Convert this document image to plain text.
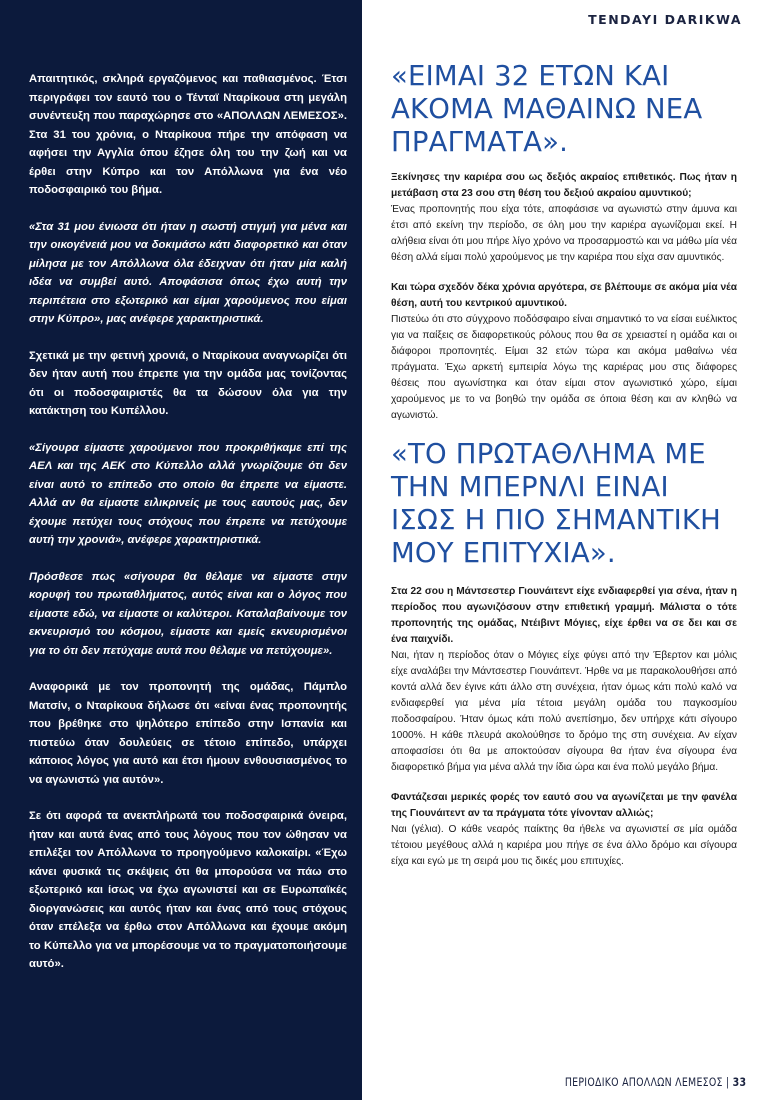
Απαιτητικός, σκληρά εργαζόμενος και παθιασμένος. Έτσι περιγράφει τον εαυτό του ο Τένταϊ Νταρίκουα στη μεγάλη συνέντευξη που παραχώρησε στο «ΑΠΟΛΛΩΝ ΛΕΜΕΣΟΣ». Στα 31 του χρόνια, ο Νταρίκουα πήρε την απόφαση να αφήσει την Αγγλία όπου έζησε όλη του την ζωή και να έρθει στην Κύπρο και τον Απόλλωνα για ένα νέο ποδοσφαιρικό του βήμα.

«Στα 31 μου ένιωσα ότι ήταν η σωστή στιγμή για μένα και την οικογένειά μου να δοκιμάσω κάτι διαφορετικό και όταν μίλησα με τον Απόλλωνα όλα έδειχναν ότι ήταν μία καλή ιδέα να συμβεί αυτό. Αποφάσισα όπως έχω αυτή την περιπέτεια στο εξωτερικό και είμαι χαρούμενος που είμαι στην Κύπρο», μας ανέφερε χαρακτηριστικά.

Σχετικά με την φετινή χρονιά, ο Νταρίκουα αναγνωρίζει ότι δεν ήταν αυτή που έπρεπε για την ομάδα μας τονίζοντας ότι οι ποδοσφαιριστές θα τα δώσουν όλα για την κατάκτηση του Κυπέλλου.

«Σίγουρα είμαστε χαρούμενοι που προκριθήκαμε επί της ΑΕΛ και της ΑΕΚ στο Κύπελλο αλλά γνωρίζουμε ότι δεν είναι αυτό το επίπεδο στο οποίο θα έπρεπε να είμαστε. Αλλά αν θα είμαστε ειλικρινείς με τους εαυτούς μας, δεν έχουμε πετύχει τους στόχους που έπρεπε να πετύχουμε αυτή την χρονιά», ανέφερε χαρακτηριστικά.

Πρόσθεσε πως «σίγουρα θα θέλαμε να είμαστε στην κορυφή του πρωταθλήματος, αυτός είναι και ο λόγος που είμαστε εδώ, να είμαστε οι καλύτεροι. Καταλαβαίνουμε τον εκνευρισμό του κόσμου, είμαστε και εμείς εκνευρισμένοι για το ότι δεν πετύχαμε αυτά που θέλαμε να πετύχουμε».

Αναφορικά με τον προπονητή της ομάδας, Πάμπλο Ματσίν, ο Νταρίκουα δήλωσε ότι «είναι ένας προπονητής που βρέθηκε στο ψηλότερο επίπεδο στην Ισπανία και πιστεύω όταν δουλεύεις σε τέτοιο επίπεδο, υπάρχει κάποιος λόγος για αυτό και έτσι ήμουν ενθουσιασμένος το να αγωνιστώ για αυτόν».

Σε ότι αφορά τα ανεκπλήρωτά του ποδοσφαιρικά όνειρα, ήταν και αυτά ένας από τους λόγους που τον ώθησαν να επιλέξει τον Απόλλωνα το προηγούμενο καλοκαίρι. «Έχω κάνει φυσικά τις σκέψεις ότι θα μπορούσα να πάω στο εξωτερικό και ίσως να έχω αγωνιστεί και σε Ευρωπαϊκές διοργανώσεις και αυτός ήταν και ένας από τους στόχους όταν επέλεξα να έρθω στον Απόλλωνα και έχουμε ακόμη το Κύπελλο για να μπορέσουμε να το πραγματοποιήσουμε αυτό».

TENDAYI DARIKWA
«ΕΙΜΑΙ 32 ΕΤΩΝ ΚΑΙ ΑΚΟΜΑ ΜΑΘΑΙΝΩ ΝΕΑ ΠΡΑΓΜΑΤΑ».
Ξεκίνησες την καριέρα σου ως δεξιός ακραίος επιθετικός. Πως ήταν η μετάβαση στα 23 σου στη θέση του δεξιού ακραίου αμυντικού;
Ένας προπονητής που είχα τότε, αποφάσισε να αγωνιστώ στην άμυνα και έτσι από εκείνη την περίοδο, σε όλη μου την καριέρα αγωνίζομαι εκεί. Η αλήθεια είναι ότι μου πήρε λίγο χρόνο να προσαρμοστώ και να μάθω μία νέα θέση αλλά είμαι πολύ χαρούμενος με την καριέρα που είχα σαν αμυντικός.
Και τώρα σχεδόν δέκα χρόνια αργότερα, σε βλέπουμε σε ακόμα μία νέα θέση, αυτή του κεντρικού αμυντικού.
Πιστεύω ότι στο σύγχρονο ποδόσφαιρο είναι σημαντικό το να είσαι ευέλικτος για να παίξεις σε διαφορετικούς ρόλους που θα σε χρειαστεί η ομάδα και οι διάφοροι προπονητές. Είμαι 32 ετών τώρα και ακόμα μαθαίνω νέα πράγματα. Έχω αρκετή εμπειρία λόγω της καριέρας μου στις διάφορες θέσεις που αγωνίστηκα και όταν είμαι στον αγωνιστικό χώρο, είμαι χαρούμενος με το να βοηθώ την ομάδα σε όποια θέση και αν κληθώ να αγωνιστώ.
«ΤΟ ΠΡΩΤΑΘΛΗΜΑ ΜΕ ΤΗΝ ΜΠΕΡΝΛΙ ΕΙΝΑΙ ΙΣΩΣ Η ΠΙΟ ΣΗΜΑΝΤΙΚΗ ΜΟΥ ΕΠΙΤΥΧΙΑ».
Στα 22 σου η Μάντσεστερ Γιουνάιτεντ είχε ενδιαφερθεί για σένα, ήταν η περίοδος που αγωνιζόσουν στην επιθετική γραμμή. Μάλιστα ο τότε προπονητής της ομάδας, Ντέιβιντ Μόγιες, είχε έρθει να σε δει και σε ένα παιχνίδι.
Ναι, ήταν η περίοδος όταν ο Μόγιες είχε φύγει από την Έβερτον και μόλις είχε αναλάβει την Μάντσεστερ Γιουνάιτεντ. Ήρθε να με παρακολουθήσει από κοντά αλλά δεν έγινε κάτι άλλο στη συνέχεια, ήταν όμως κάτι πολύ καλό να ενδιαφερθεί για μένα μία τέτοια μεγάλη ομάδα του παγκοσμίου ποδοσφαίρου. Ήταν όμως κάτι πολύ ανεπίσημο, δεν υπήρχε κάτι σίγουρο 1000%. Η κάθε πλευρά ακολούθησε το δρόμο της στη συνέχεια. Αν είχαν αποφασίσει ότι θα με αποκτούσαν σίγουρα θα ήταν ένα σίγουρα ένα διαφορετικό βήμα για μένα αλλά την ίδια ώρα και ένα πολύ μεγάλο βήμα.
Φαντάζεσαι μερικές φορές τον εαυτό σου να αγωνίζεται με την φανέλα της Γιουνάιτεντ αν τα πράγματα τότε γίνονταν αλλιώς;
Ναι (γέλια). Ο κάθε νεαρός παίκτης θα ήθελε να αγωνιστεί σε μία ομάδα τέτοιου μεγέθους αλλά η καριέρα μου πήγε σε ένα άλλο δρόμο και σίγουρα είχα και εγώ με τη σειρά μου τις δικές μου επιτυχίες.
ΠΕΡΙΟΔΙΚΟ ΑΠΟΛΛΩΝ ΛΕΜΕΣΟΣ | 33
